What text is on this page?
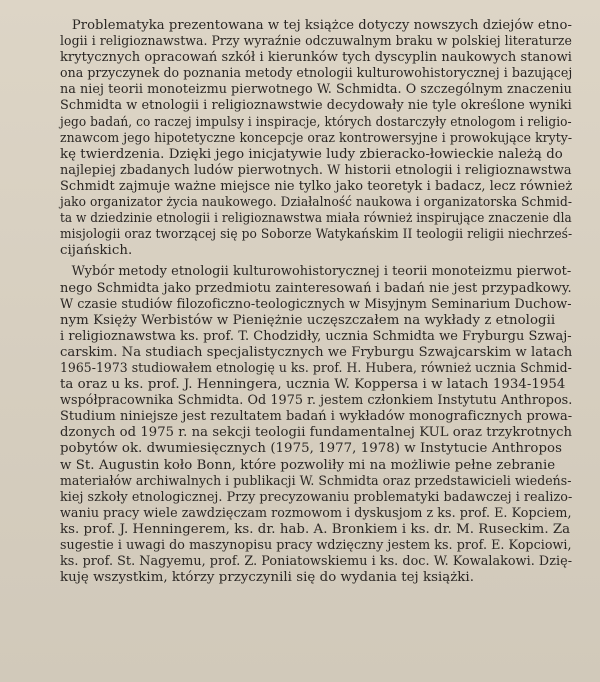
Problematyka prezentowana w tej książce dotyczy nowszych dziejów etno-
logii i religioznawstwa. Przy wyraźnie odczuwalnym braku w polskiej literaturze
krytycznych opracowań szkół i kierunków tych dyscyplin naukowych stanowi
ona przyczynek do poznania metody etnologii kulturowohistorycznej i bazującej
na niej teorii monoteizmu pierwotnego W. Schmidta. O szczególnym znaczeniu
Schmidta w etnologii i religioznawstwie decydowały nie tyle określone wyniki
jego badań, co raczej impulsy i inspiracje, których dostarczyły etnologom i religio-
znawcom jego hipotetyczne koncepcje oraz kontrowersyjne i prowokujące kryty-
kę twierdzenia. Dzięki jego inicjatywie ludy zbieracko-łowieckie należą do
najlepiej zbadanych ludów pierwotnych. W historii etnologii i religioznawstwa
Schmidt zajmuje ważne miejsce nie tylko jako teoretyk i badacz, lecz również
jako organizator życia naukowego. Działalność naukowa i organizatorska Schmid-
ta w dziedzinie etnologii i religioznawstwa miała również inspirujące znaczenie dla
misjologii oraz tworzącej się po Soborze Watykańskim II teologii religii niechrześ-
cijańskich.
Wybór metody etnologii kulturowohistorycznej i teorii monoteizmu pierwot-
nego Schmidta jako przedmiotu zainteresowań i badań nie jest przypadkowy.
W czasie studiów filozoficzno-teologicznych w Misyjnym Seminarium Duchow-
nym Księży Werbistów w Pieniężnie uczęszczałem na wykłady z etnologii
i religioznawstwa ks. prof. T. Chodzidły, ucznia Schmidta we Fryburgu Szwaj-
carskim. Na studiach specjalistycznych we Fryburgu Szwajcarskim w latach
1965-1973 studiowałem etnologię u ks. prof. H. Hubera, również ucznia Schmid-
ta oraz u ks. prof. J. Henningera, ucznia W. Koppersa i w latach 1934-1954
współpracownika Schmidta. Od 1975 r. jestem członkiem Instytutu Anthropos.
Studium niniejsze jest rezultatem badań i wykładów monograficznych prowa-
dzonych od 1975 r. na sekcji teologii fundamentalnej KUL oraz trzykrotnych
pobytów ok. dwumiesięcznych (1975, 1977, 1978) w Instytucie Anthropos
w St. Augustin koło Bonn, które pozwoliły mi na możliwie pełne zebranie
materiałów archiwalnych i publikacji W. Schmidta oraz przedstawicieli wiedeńs-
kiej szkoły etnologicznej. Przy precyzowaniu problematyki badawczej i realizo-
waniu pracy wiele zawdzięczam rozmowom i dyskusjom z ks. prof. E. Kopciem,
ks. prof. J. Henningerem, ks. dr. hab. A. Bronkiem i ks. dr. M. Ruseckim. Za
sugestie i uwagi do maszynopisu pracy wdzięczny jestem ks. prof. E. Kopciowi,
ks. prof. St. Nagyemu, prof. Z. Poniatowskiemu i ks. doc. W. Kowalakowi. Dzię-
kuję wszystkim, którzy przyczynili się do wydania tej książki.
